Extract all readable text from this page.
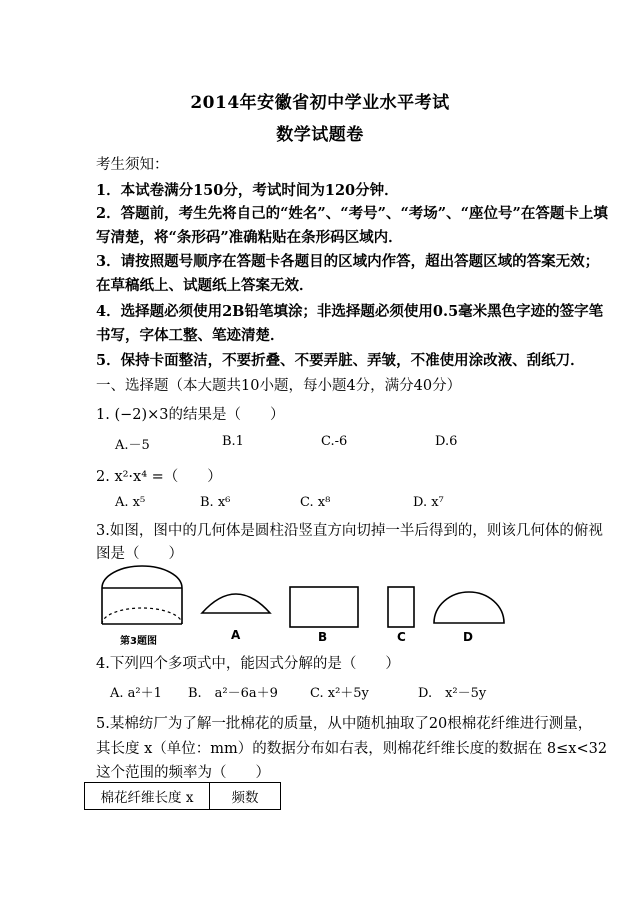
2014年安徽省初中学业水平考试
数学试题卷
考生须知：
1．本试卷满分150分，考试时间为120分钟．
2．答题前，考生先将自己的“姓名”、“考号”、“考场”、“座位号”在答题卡上填
写清楚，将“条形码”准确粘贴在条形码区域内．
3．请按照题号顺序在答题卡各题目的区域内作答，超出答题区域的答案无效；
在草稿纸上、试题纸上答案无效．
4．选择题必须使用2B铅笔填涂；非选择题必须使用0.5毫米黑色字迹的签字笔
书写，字体工整、笔迹清楚．
5．保持卡面整洁，不要折叠、不要弄脏、弄皱，不准使用涂改液、刮纸刀．
一、选择题（本大题共10小题，每小题4分，满分40分）
1. (−2)×3的结果是（　　）
A.－5	B.1	C.-6	D.6
2. x²·x⁴ =（　　）
A. x⁵	B. x⁶	C. x⁸	D. x⁷
3.如图，图中的几何体是圆柱沿竖直方向切掉一半后得到的，则该几何体的俯视
图是（　　）
第3题图	A	B	C	D
4.下列四个多项式中，能因式分解的是（　　）
A. a²＋1 B.　a²－6a＋9 C. x²＋5y	D.　x²－5y
5.某棉纺厂为了解一批棉花的质量，从中随机抽取了20根棉花纤维进行测量，
其长度 x（单位：mm）的数据分布如右表，则棉花纤维长度的数据在 8≤x<32
这个范围的频率为（　　）
棉花纤维长度 x	频数
